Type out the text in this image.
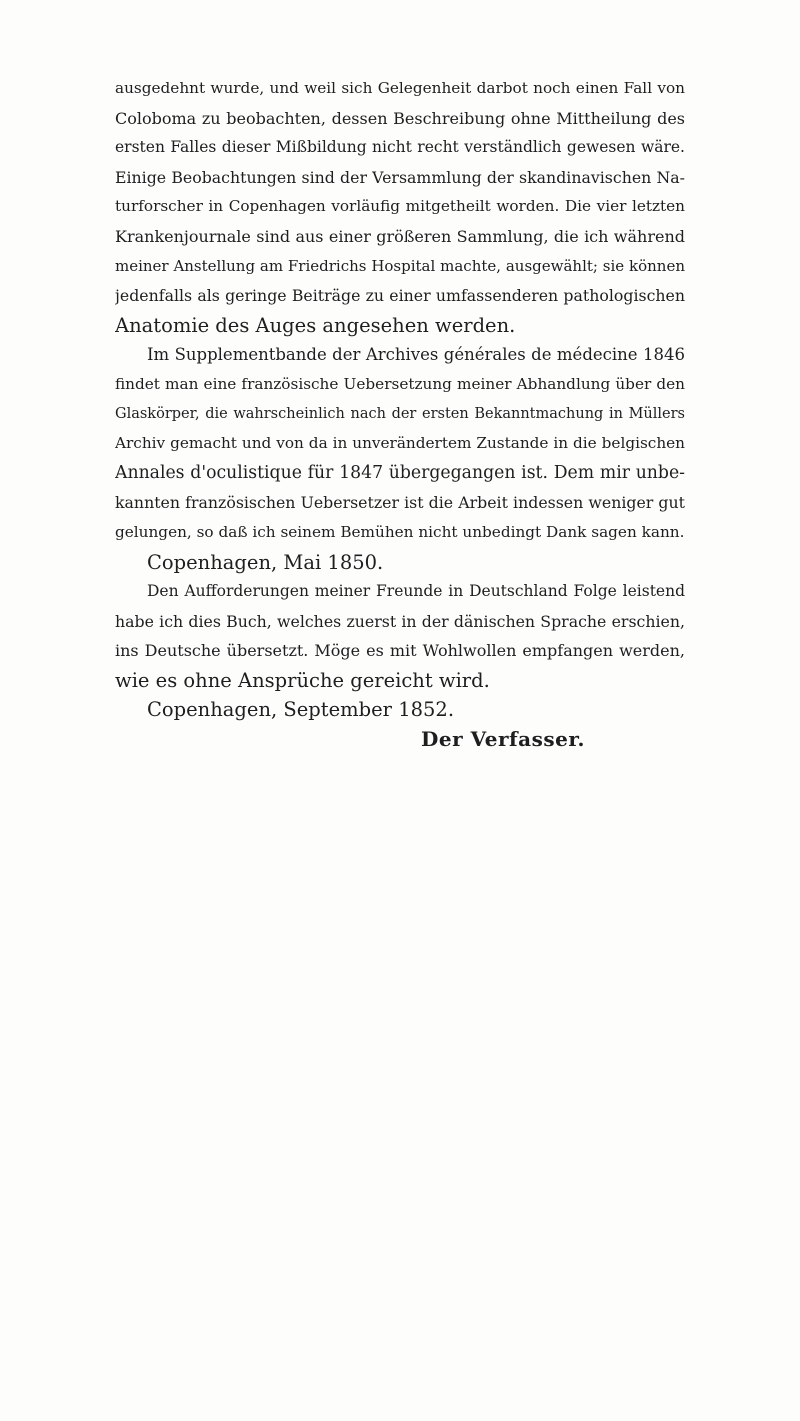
ausgedehnt wurde, und weil sich Gelegenheit darbot noch einen Fall von
Coloboma zu beobachten, dessen Beschreibung ohne Mittheilung des
ersten Falles dieser Mißbildung nicht recht verständlich gewesen wäre.
Einige Beobachtungen sind der Versammlung der skandinavischen Na-
turforscher in Copenhagen vorläufig mitgetheilt worden. Die vier letzten
Krankenjournale sind aus einer größeren Sammlung, die ich während
meiner Anstellung am Friedrichs Hospital machte, ausgewählt; sie können
jedenfalls als geringe Beiträge zu einer umfassenderen pathologischen
Anatomie des Auges angesehen werden.
Im Supplementbande der Archives générales de médecine 1846
findet man eine französische Uebersetzung meiner Abhandlung über den
Glaskörper, die wahrscheinlich nach der ersten Bekanntmachung in Müllers
Archiv gemacht und von da in unverändertem Zustande in die belgischen
Annales d'oculistique für 1847 übergegangen ist. Dem mir unbe-
kannten französischen Uebersetzer ist die Arbeit indessen weniger gut
gelungen, so daß ich seinem Bemühen nicht unbedingt Dank sagen kann.
Copenhagen, Mai 1850.
Den Aufforderungen meiner Freunde in Deutschland Folge leistend
habe ich dies Buch, welches zuerst in der dänischen Sprache erschien,
ins Deutsche übersetzt. Möge es mit Wohlwollen empfangen werden,
wie es ohne Ansprüche gereicht wird.
Copenhagen, September 1852.
Der Verfasser.
